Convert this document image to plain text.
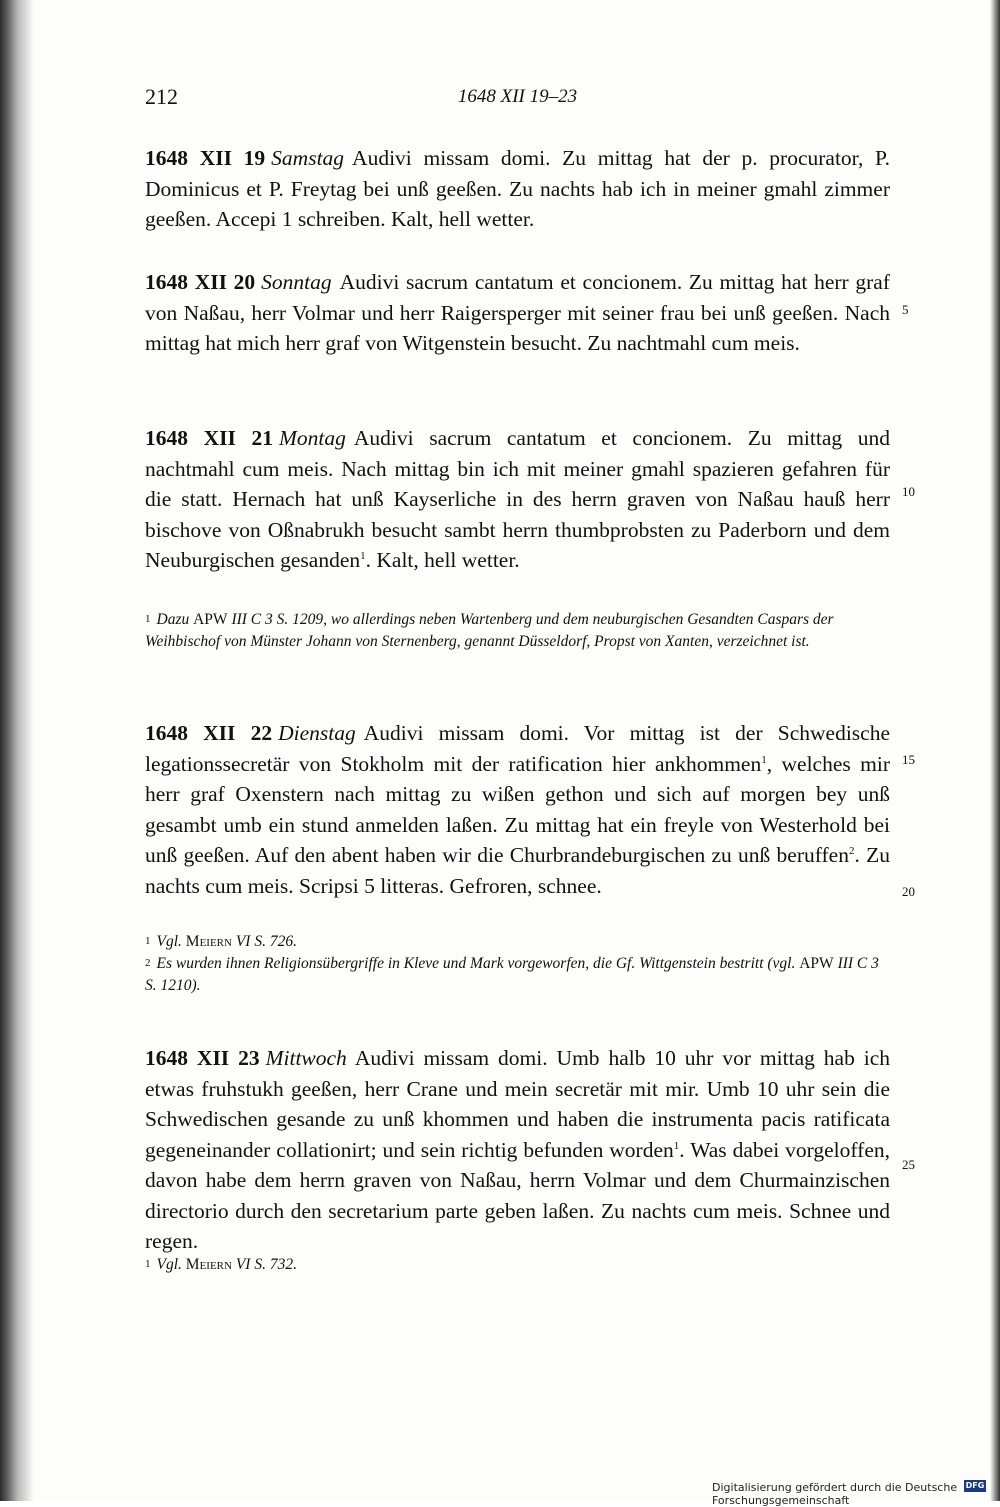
212	1648 XII 19–23
1648 XII 19 Samstag Audivi missam domi. Zu mittag hat der p. procurator, P. Dominicus et P. Freytag bei unß geeßen. Zu nachts hab ich in meiner gmahl zimmer geeßen. Accepi 1 schreiben. Kalt, hell wetter.
1648 XII 20 Sonntag Audivi sacrum cantatum et concionem. Zu mittag hat herr graf von Naßau, herr Volmar und herr Raigersperger mit seiner frau bei unß geeßen. Nach mittag hat mich herr graf von Witgenstein besucht. Zu nachtmahl cum meis.
1648 XII 21 Montag Audivi sacrum cantatum et concionem. Zu mittag und nachtmahl cum meis. Nach mittag bin ich mit meiner gmahl spazieren gefahren für die statt. Hernach hat unß Kayserliche in des herrn graven von Naßau hauß herr bischove von Oßnabrukh besucht sambt herrn thumbprobsten zu Paderborn und dem Neuburgischen gesanden$^1$. Kalt, hell wetter.
$^1$ Dazu APW III C 3 S. 1209, wo allerdings neben Wartenberg und dem neuburgischen Gesandten Caspars der Weihbischof von Münster Johann von Sternenberg, genannt Düsseldorf, Propst von Xanten, verzeichnet ist.
1648 XII 22 Dienstag Audivi missam domi. Vor mittag ist der Schwedische legationssecretär von Stokholm mit der ratification hier ankhommen$^1$, welches mir herr graf Oxenstern nach mittag zu wißen gethon und sich auf morgen bey unß gesambt umb ein stund anmelden laßen. Zu mittag hat ein freyle von Westerhold bei unß geeßen. Auf den abent haben wir die Churbrandeburgischen zu unß beruffen$^2$. Zu nachts cum meis. Scripsi 5 litteras. Gefroren, schnee.
$^1$ Vgl. Meiern VI S. 726.
$^2$ Es wurden ihnen Religionsübergriffe in Kleve und Mark vorgeworfen, die Gf. Wittgenstein bestritt (vgl. APW III C 3 S. 1210).
1648 XII 23 Mittwoch Audivi missam domi. Umb halb 10 uhr vor mittag hab ich etwas fruhstukh geeßen, herr Crane und mein secretär mit mir. Umb 10 uhr sein die Schwedischen gesande zu unß khommen und haben die instrumenta pacis ratificata gegeneinander collationirt; und sein richtig befunden worden$^1$. Was dabei vorgeloffen, davon habe dem herrn graven von Naßau, herrn Volmar und dem Churmainzischen directorio durch den secretarium parte geben laßen. Zu nachts cum meis. Schnee und regen.
$^1$ Vgl. Meiern VI S. 732.
5
10
15
20
25
Digitalisierung gefördert durch die Deutsche Forschungsgemeinschaft
DFG
